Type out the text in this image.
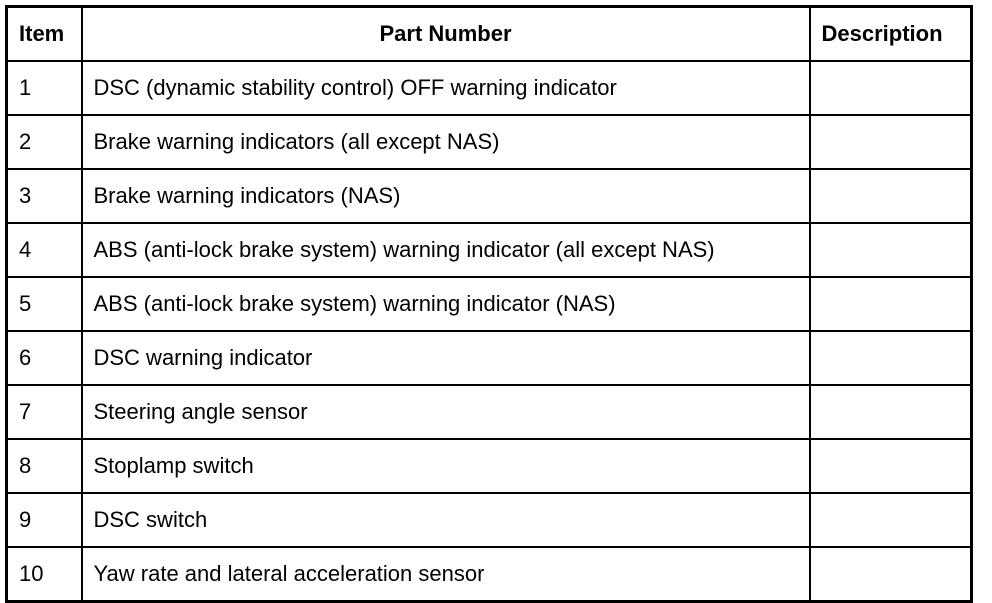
Item	Part Number	Description
1	DSC (dynamic stability control) OFF warning indicator	
2	Brake warning indicators (all except NAS)	
3	Brake warning indicators (NAS)	
4	ABS (anti-lock brake system) warning indicator (all except NAS)	
5	ABS (anti-lock brake system) warning indicator (NAS)	
6	DSC warning indicator	
7	Steering angle sensor	
8	Stoplamp switch	
9	DSC switch	
10	Yaw rate and lateral acceleration sensor	
